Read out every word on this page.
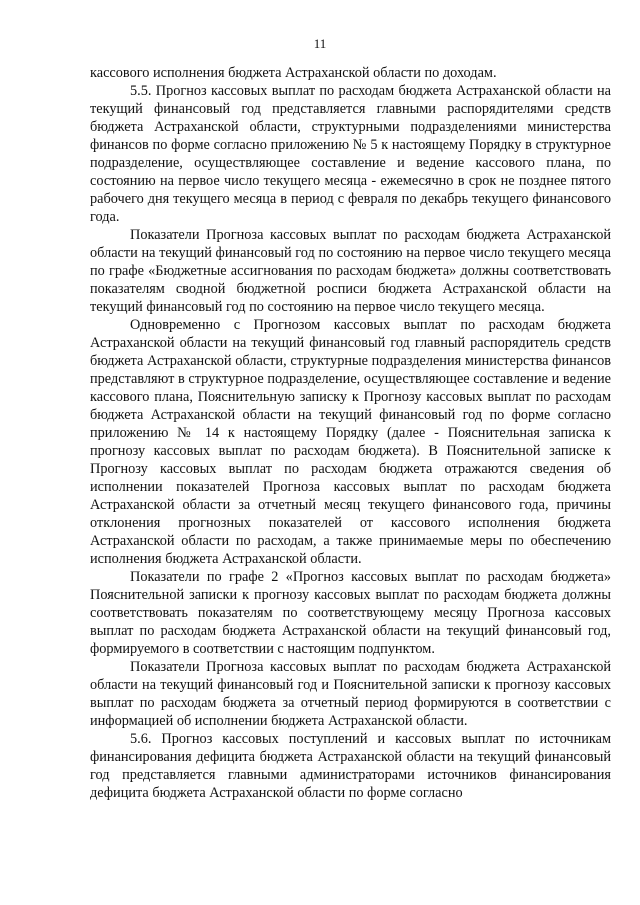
11

кассового исполнения бюджета Астраханской области по доходам.

5.5. Прогноз кассовых выплат по расходам бюджета Астраханской области на текущий финансовый год представляется главными распорядителями средств бюджета Астраханской области, структурными подразделениями министерства финансов по форме согласно приложению № 5 к настоящему Порядку в структурное подразделение, осуществляющее составление и ведение кассового плана, по состоянию на первое число текущего месяца - ежемесячно в срок не позднее пятого рабочего дня текущего месяца в период с февраля по декабрь текущего финансового года.

Показатели Прогноза кассовых выплат по расходам бюджета Астраханской области на текущий финансовый год по состоянию на первое число текущего месяца по графе «Бюджетные ассигнования по расходам бюджета» должны соответствовать показателям сводной бюджетной росписи бюджета Астраханской области на текущий финансовый год по состоянию на первое число текущего месяца.

Одновременно с Прогнозом кассовых выплат по расходам бюджета Астраханской области на текущий финансовый год главный распорядитель средств бюджета Астраханской области, структурные подразделения министерства финансов представляют в структурное подразделение, осуществляющее составление и ведение кассового плана, Пояснительную записку к Прогнозу кассовых выплат по расходам бюджета Астраханской области на текущий финансовый год по форме согласно приложению № 14 к настоящему Порядку (далее - Пояснительная записка к прогнозу кассовых выплат по расходам бюджета). В Пояснительной записке к Прогнозу кассовых выплат по расходам бюджета отражаются сведения об исполнении показателей Прогноза кассовых выплат по расходам бюджета Астраханской области за отчетный месяц текущего финансового года, причины отклонения прогнозных показателей от кассового исполнения бюджета Астраханской области по расходам, а также принимаемые меры по обеспечению исполнения бюджета Астраханской области.

Показатели по графе 2 «Прогноз кассовых выплат по расходам бюджета» Пояснительной записки к прогнозу кассовых выплат по расходам бюджета должны соответствовать показателям по соответствующему месяцу Прогноза кассовых выплат по расходам бюджета Астраханской области на текущий финансовый год, формируемого в соответствии с настоящим подпунктом.

Показатели Прогноза кассовых выплат по расходам бюджета Астраханской области на текущий финансовый год и Пояснительной записки к прогнозу кассовых выплат по расходам бюджета за отчетный период формируются в соответствии с информацией об исполнении бюджета Астраханской области.

5.6. Прогноз кассовых поступлений и кассовых выплат по источникам финансирования дефицита бюджета Астраханской области на текущий финансовый год представляется главными администраторами источников финансирования дефицита бюджета Астраханской области по форме согласно
